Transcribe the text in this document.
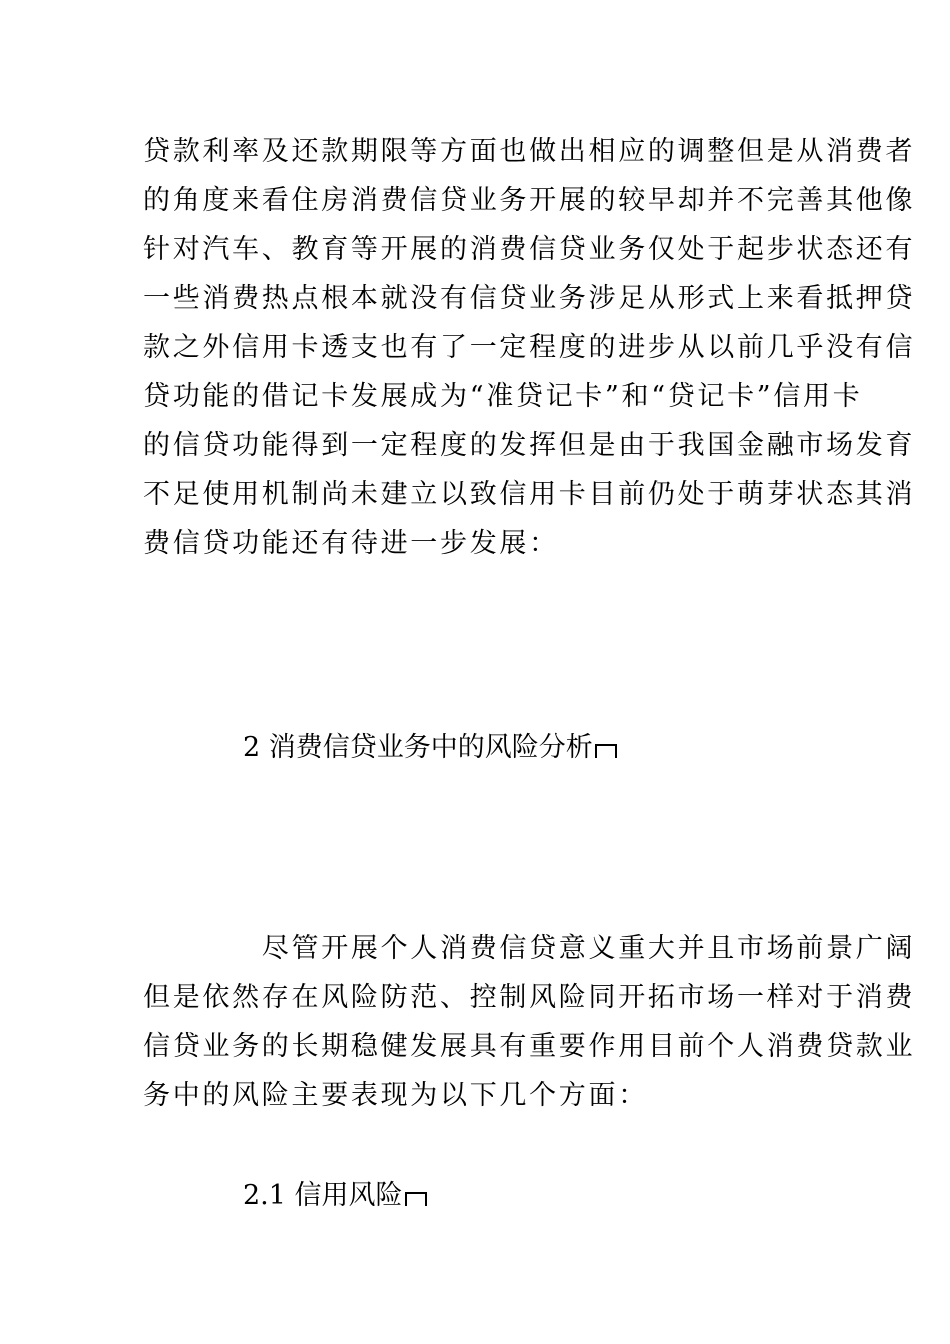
贷款利率及还款期限等方面也做出相应的调整但是从消费者
的角度来看住房消费信贷业务开展的较早却并不完善其他像
针对汽车、教育等开展的消费信贷业务仅处于起步状态还有
一些消费热点根本就没有信贷业务涉足从形式上来看抵押贷
款之外信用卡透支也有了一定程度的进步从以前几乎没有信
贷功能的借记卡发展成为“准贷记卡”和“贷记卡”信用卡
的信贷功能得到一定程度的发挥但是由于我国金融市场发育
不足使用机制尚未建立以致信用卡目前仍处于萌芽状态其消
费信贷功能还有待进一步发展：
2 消费信贷业务中的风险分析
　　　　尽管开展个人消费信贷意义重大并且市场前景广阔
但是依然存在风险防范、控制风险同开拓市场一样对于消费
信贷业务的长期稳健发展具有重要作用目前个人消费贷款业
务中的风险主要表现为以下几个方面：
2.1 信用风险
